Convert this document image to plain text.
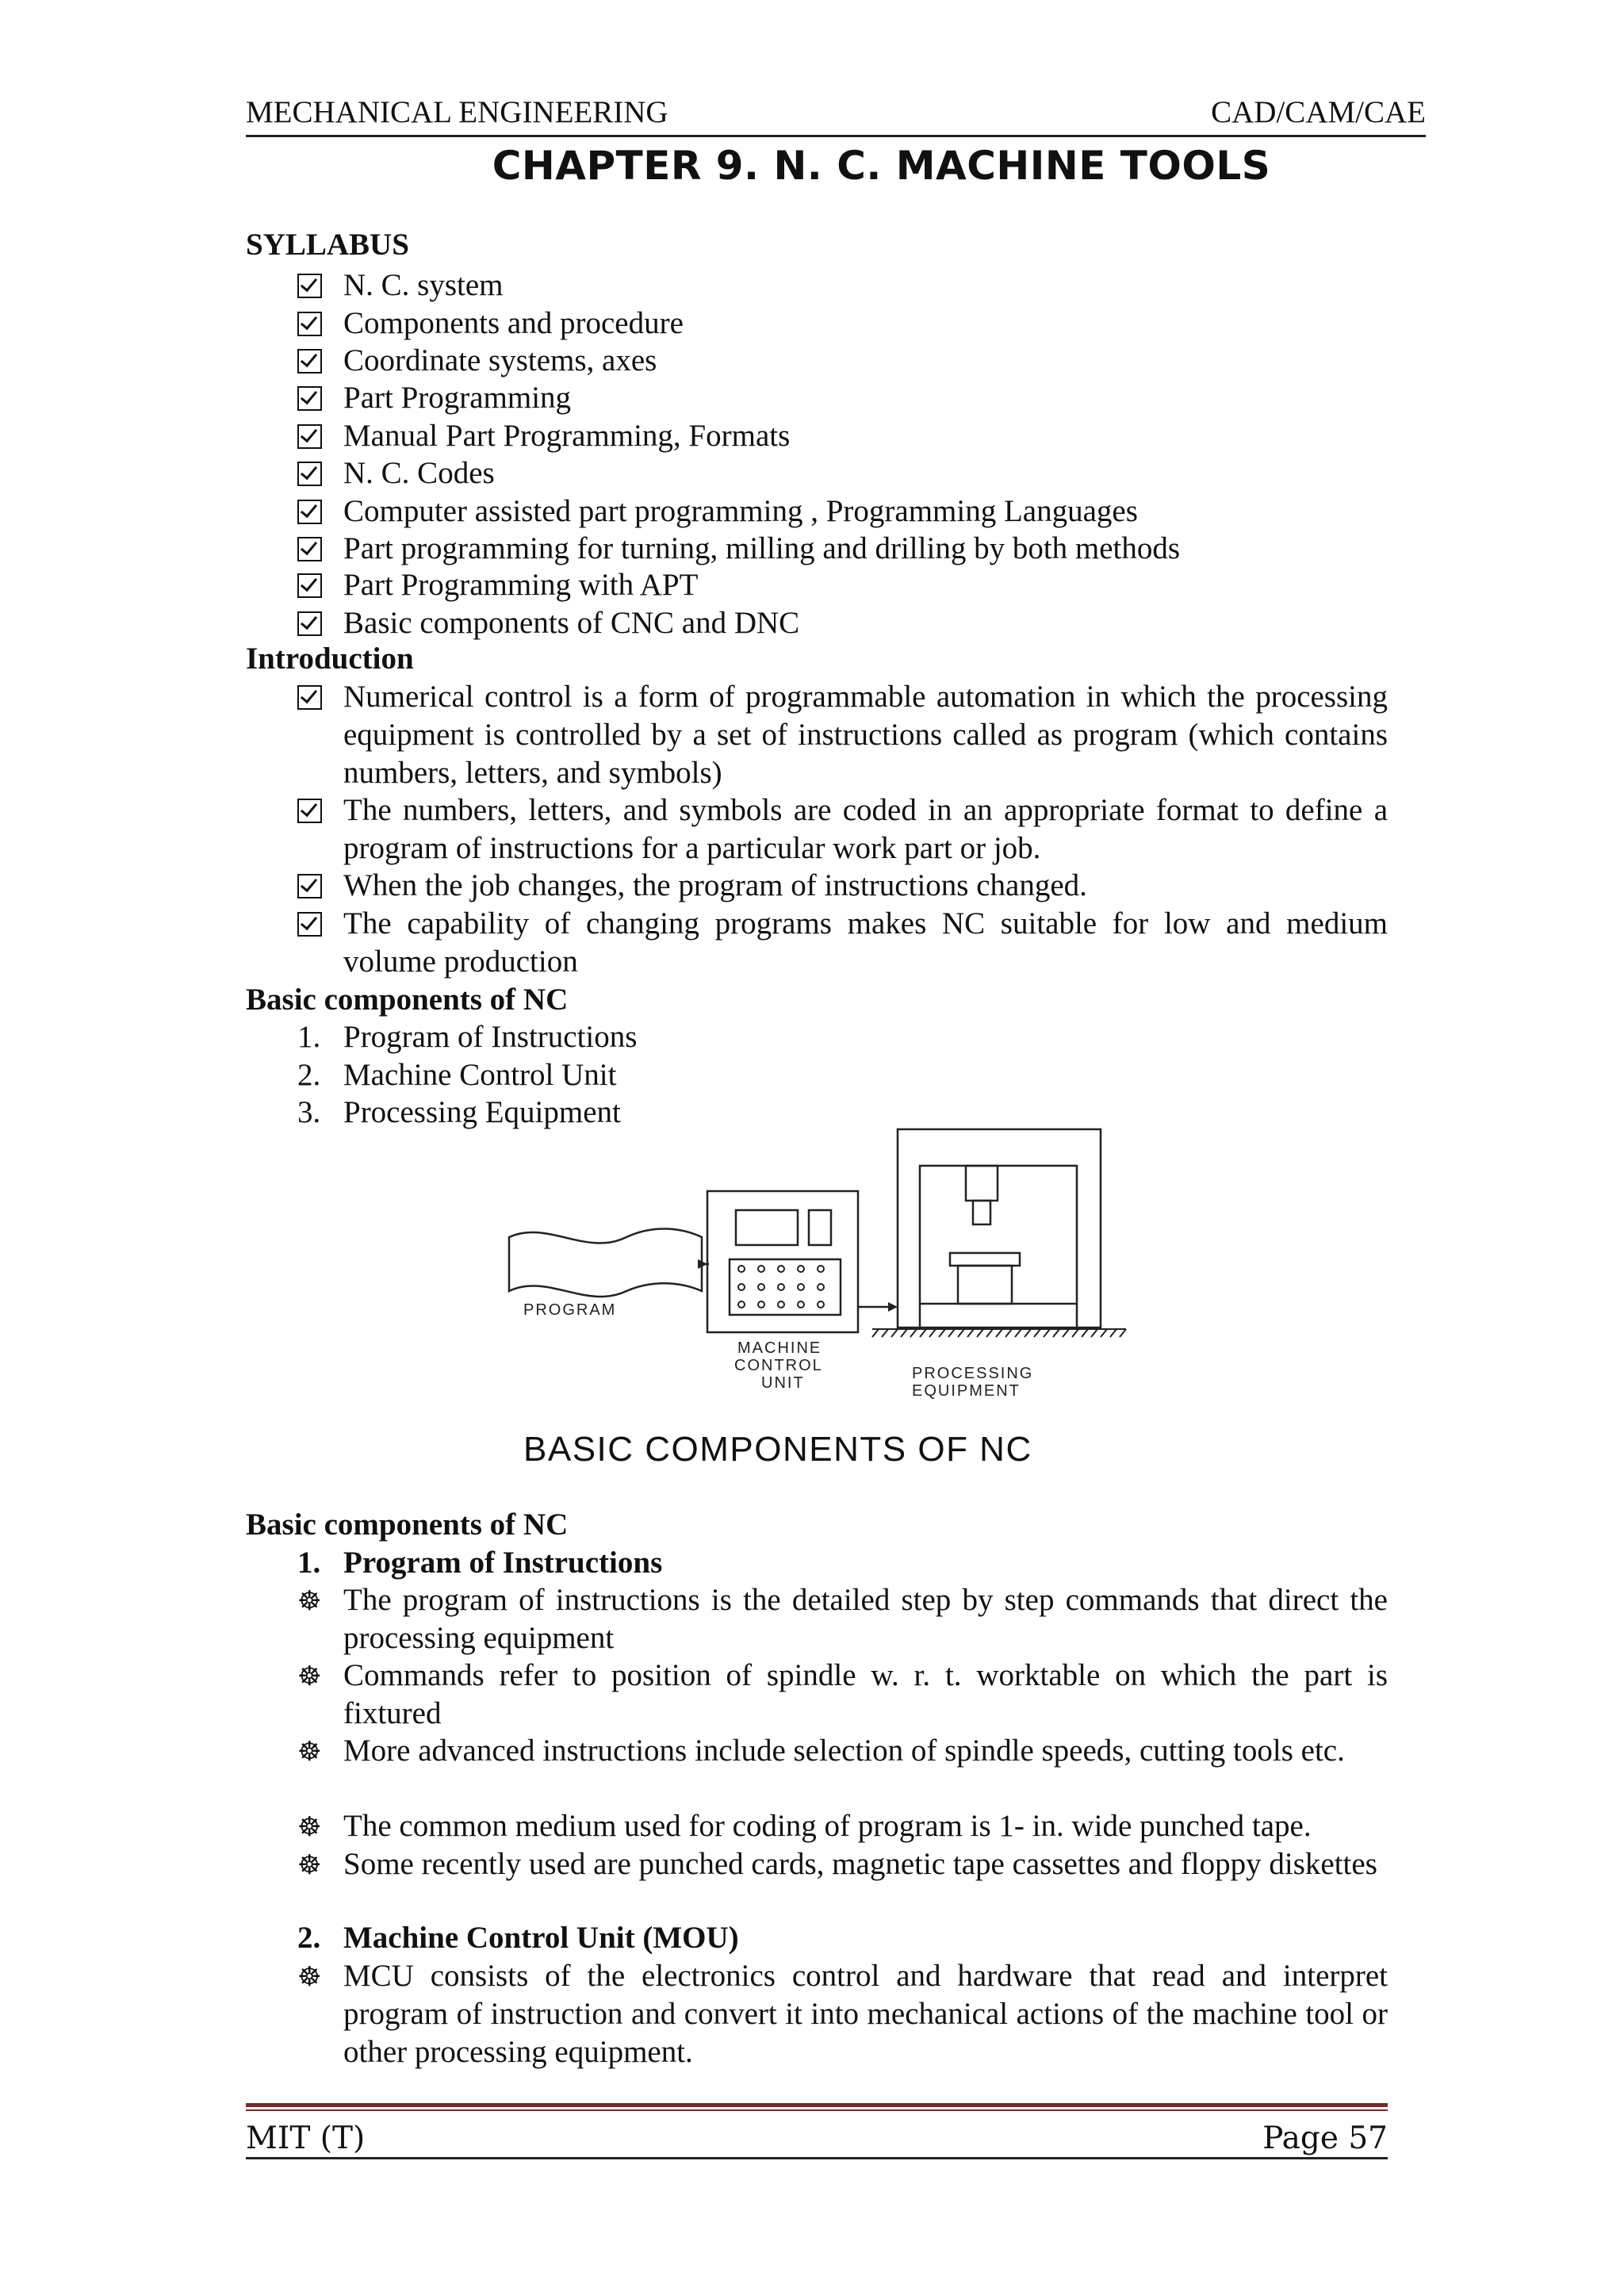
MECHANICAL ENGINEERING	CAD/CAM/CAE
CHAPTER 9. N. C. MACHINE TOOLS
SYLLABUS
N. C. system
Components and procedure
Coordinate systems, axes
Part Programming
Manual Part Programming, Formats
N. C. Codes
Computer assisted part programming , Programming Languages
Part programming for turning, milling and drilling by both methods
Part Programming with APT
Basic components of CNC and DNC
Introduction
Numerical control is a form of programmable automation in which the processing equipment is controlled by a set of instructions called as program (which contains numbers, letters, and symbols)
The numbers, letters, and symbols are coded in an appropriate format to define a program of instructions for a particular work part or job.
When the job changes, the program of instructions changed.
The capability of changing programs makes NC suitable for low and medium volume production
Basic components of NC
1. Program of Instructions
2. Machine Control Unit
3. Processing Equipment
PROGRAM
MACHINE
CONTROL
UNIT
PROCESSING
EQUIPMENT
BASIC COMPONENTS OF NC
Basic components of NC
1. Program of Instructions
☸ The program of instructions is the detailed step by step commands that direct the processing equipment
☸ Commands refer to position of spindle w. r. t. worktable on which the part is fixtured
☸ More advanced instructions include selection of spindle speeds, cutting tools etc.
☸ The common medium used for coding of program is 1- in. wide punched tape.
☸ Some recently used are punched cards, magnetic tape cassettes and floppy diskettes
2. Machine Control Unit (MOU)
☸ MCU consists of the electronics control and hardware that read and interpret program of instruction and convert it into mechanical actions of the machine tool or other processing equipment.
MIT (T)	Page 57
